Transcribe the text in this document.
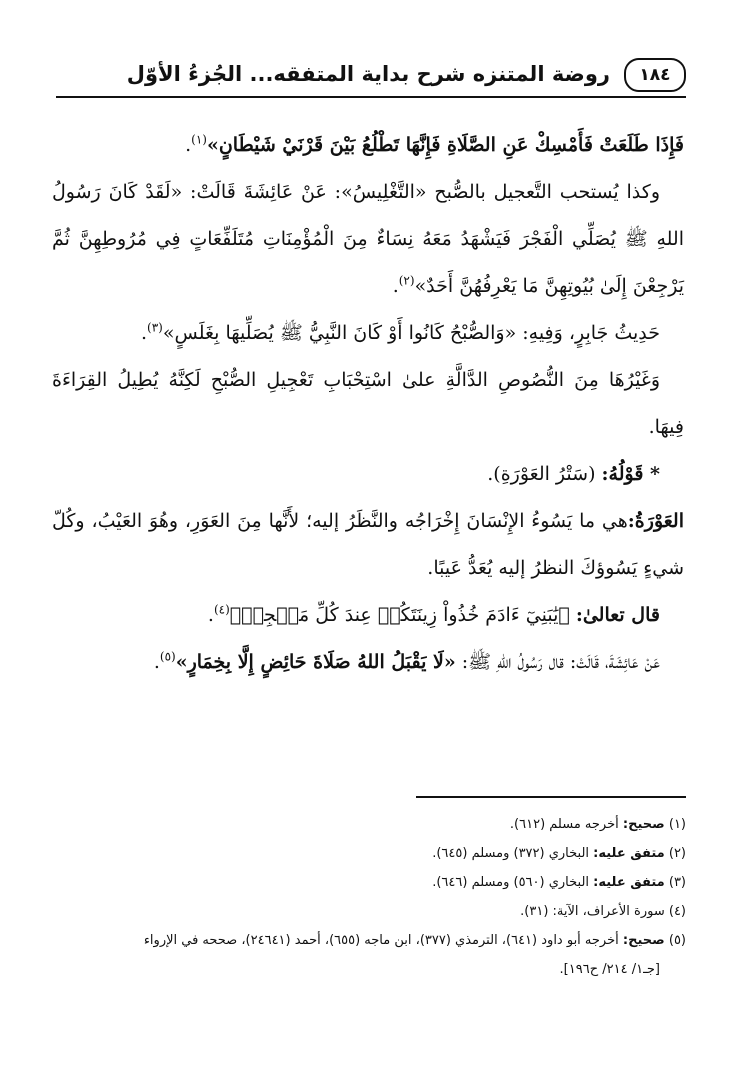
١٨٤
روضة المتنزه شرح بداية المتفقه... الجُزءُ الأوّل

فَإِذَا طَلَعَتْ فَأَمْسِكْ عَنِ الصَّلَاةِ فَإِنَّهَا تَطْلُعُ بَيْنَ قَرْنَيْ شَيْطَانٍ»$^{(١)}$.

وكذا يُستحب التَّعجيل بالصُّبح «التَّغْلِيسُ»: عَنْ عَائِشَةَ قَالَتْ: «لَقَدْ كَانَ رَسُولُ اللهِ ﷺ يُصَلِّي الْفَجْرَ فَيَشْهَدُ مَعَهُ نِسَاءٌ مِنَ الْمُؤْمِنَاتِ مُتَلَفِّعَاتٍ فِي مُرُوطِهِنَّ ثُمَّ يَرْجِعْنَ إِلَىٰ بُيُوتِهِنَّ مَا يَعْرِفُهُنَّ أَحَدٌ»$^{(٢)}$.

حَدِيثُ جَابِرٍ، وَفِيهِ: «وَالصُّبْحُ كَانُوا أَوْ كَانَ النَّبِيُّ ﷺ يُصَلِّيهَا بِغَلَسٍ»$^{(٣)}$.

وَغَيْرُهَا مِنَ النُّصُوصِ الدَّالَّةِ علىٰ اسْتِحْبَابِ تَعْجِيلِ الصُّبْحِ لَكِنَّهُ يُطِيلُ القِرَاءَةَ فِيهَا.

* قَوْلُهُ: (سَتْرُ العَوْرَةِ).

العَوْرَةُ:هي ما يَسُوءُ الإِنْسَانَ إِخْرَاجُه والنَّظَرُ إليه؛ لأَنَّها مِنَ العَوَرِ، وهُوَ العَيْبُ، وكُلّ شيءٍ يَسُوؤكَ النظرُ إليه يُعَدُّ عَيبًا.

قال تعالىٰ: ﴿يَٰبَنِيٓ ءَادَمَ خُذُواْ زِينَتَكُمۡ عِندَ كُلِّ مَسۡجِدٖ﴾$^{(٤)}$.

عَنْ عَائِشَةَ، قَالَتْ: قال رَسُولُ اللهِ ﷺ: «لَا يَقْبَلُ اللهُ صَلَاةَ حَائِضٍ إِلَّا بِخِمَارٍ»$^{(٥)}$.

(١) صحيح: أخرجه مسلم (٦١٢).

(٢) متفق عليه: البخاري (٣٧٢) ومسلم (٦٤٥).

(٣) متفق عليه: البخاري (٥٦٠) ومسلم (٦٤٦).

(٤) سورة الأعراف، الآية: (٣١).

(٥) صحيح: أخرجه أبو داود (٦٤١)، الترمذي (٣٧٧)، ابن ماجه (٦٥٥)، أحمد (٢٤٦٤١)، صححه في الإرواء

[جـ١/ ٢١٤/ ح١٩٦].
